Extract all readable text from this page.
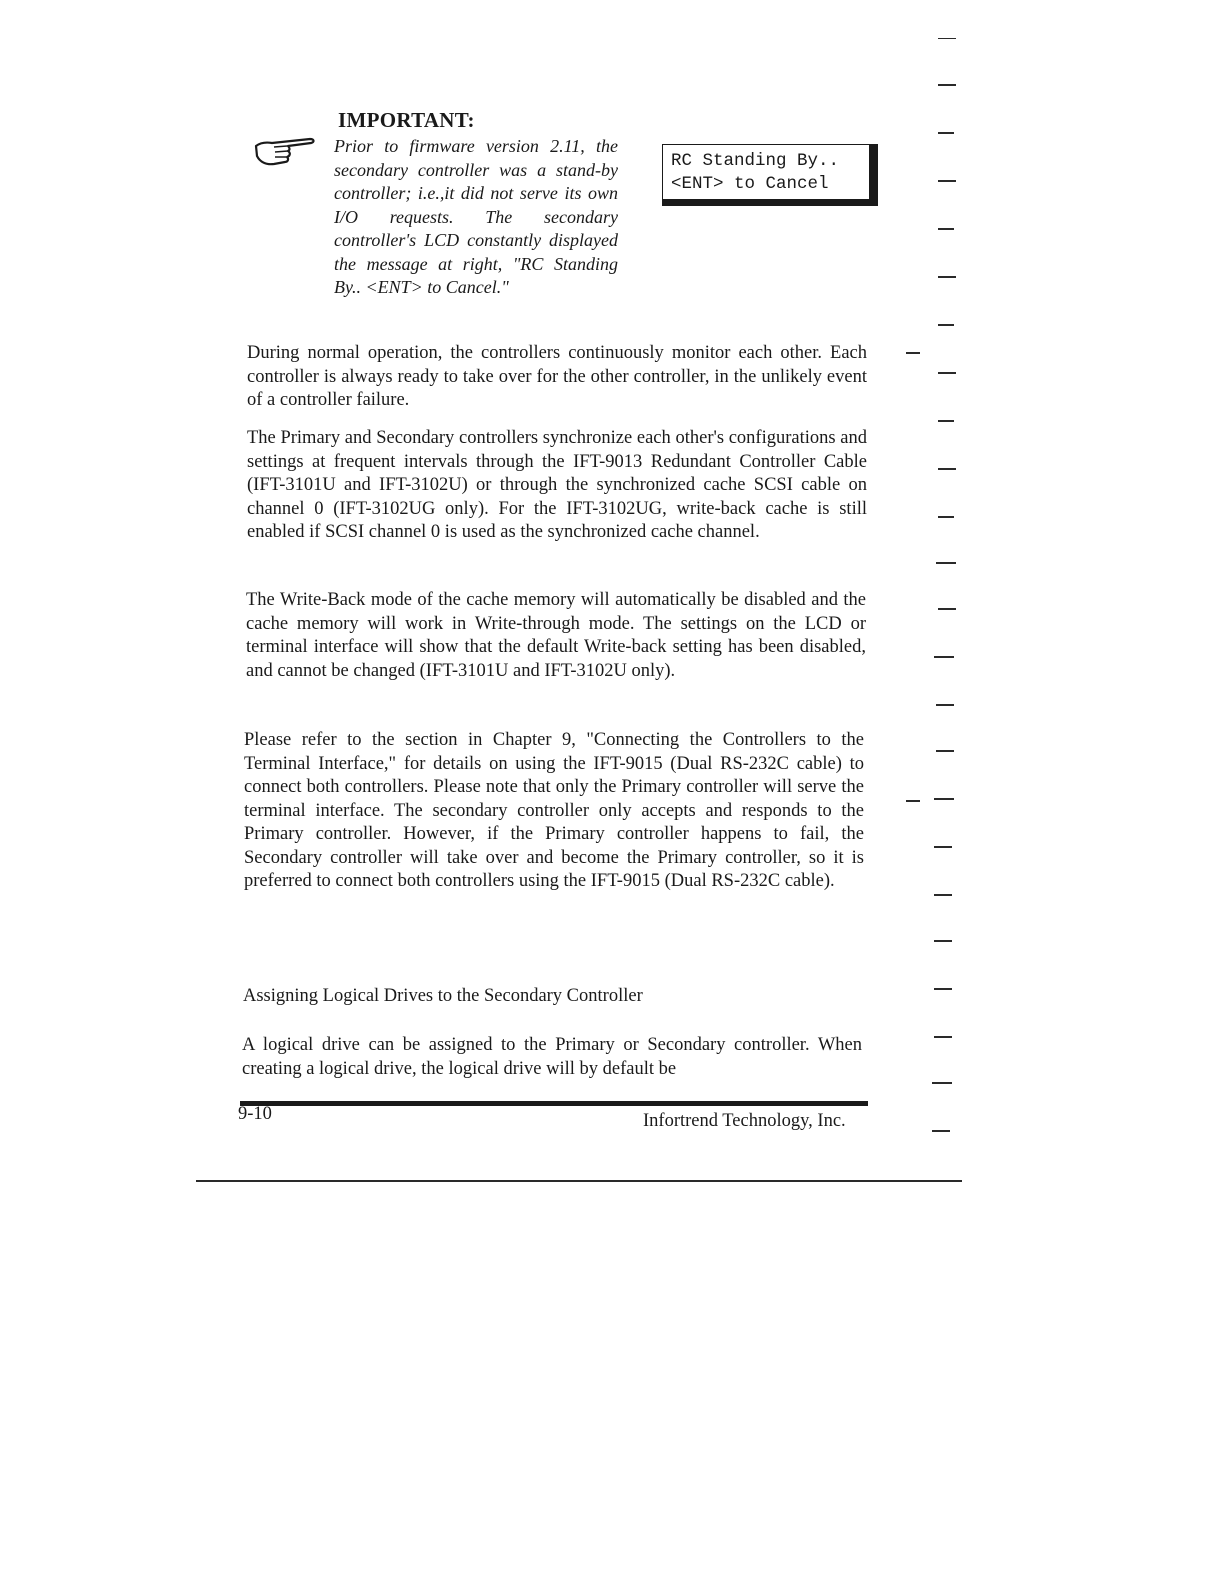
IMPORTANT:
Prior to firmware version 2.11, the secondary controller was a stand-by controller; i.e.,it did not serve its own I/O requests. The secondary controller's LCD constantly displayed the message at right, "RC Standing By.. <ENT> to Cancel."
RC Standing By..
<ENT> to Cancel

During normal operation, the controllers continuously monitor each other. Each controller is always ready to take over for the other controller, in the unlikely event of a controller failure.

The Primary and Secondary controllers synchronize each other's configurations and settings at frequent intervals through the IFT-9013 Redundant Controller Cable (IFT-3101U and IFT-3102U) or through the synchronized cache SCSI cable on channel 0 (IFT-3102UG only). For the IFT-3102UG, write-back cache is still enabled if SCSI channel 0 is used as the synchronized cache channel.

The Write-Back mode of the cache memory will automatically be disabled and the cache memory will work in Write-through mode. The settings on the LCD or terminal interface will show that the default Write-back setting has been disabled, and cannot be changed (IFT-3101U and IFT-3102U only).

Please refer to the section in Chapter 9, "Connecting the Controllers to the Terminal Interface," for details on using the IFT-9015 (Dual RS-232C cable) to connect both controllers. Please note that only the Primary controller will serve the terminal interface. The secondary controller only accepts and responds to the Primary controller. However, if the Primary controller happens to fail, the Secondary controller will take over and become the Primary controller, so it is preferred to connect both controllers using the IFT-9015 (Dual RS-232C cable).

Assigning Logical Drives to the Secondary Controller

A logical drive can be assigned to the Primary or Secondary controller. When creating a logical drive, the logical drive will by default be

9-10	Infortrend Technology, Inc.
